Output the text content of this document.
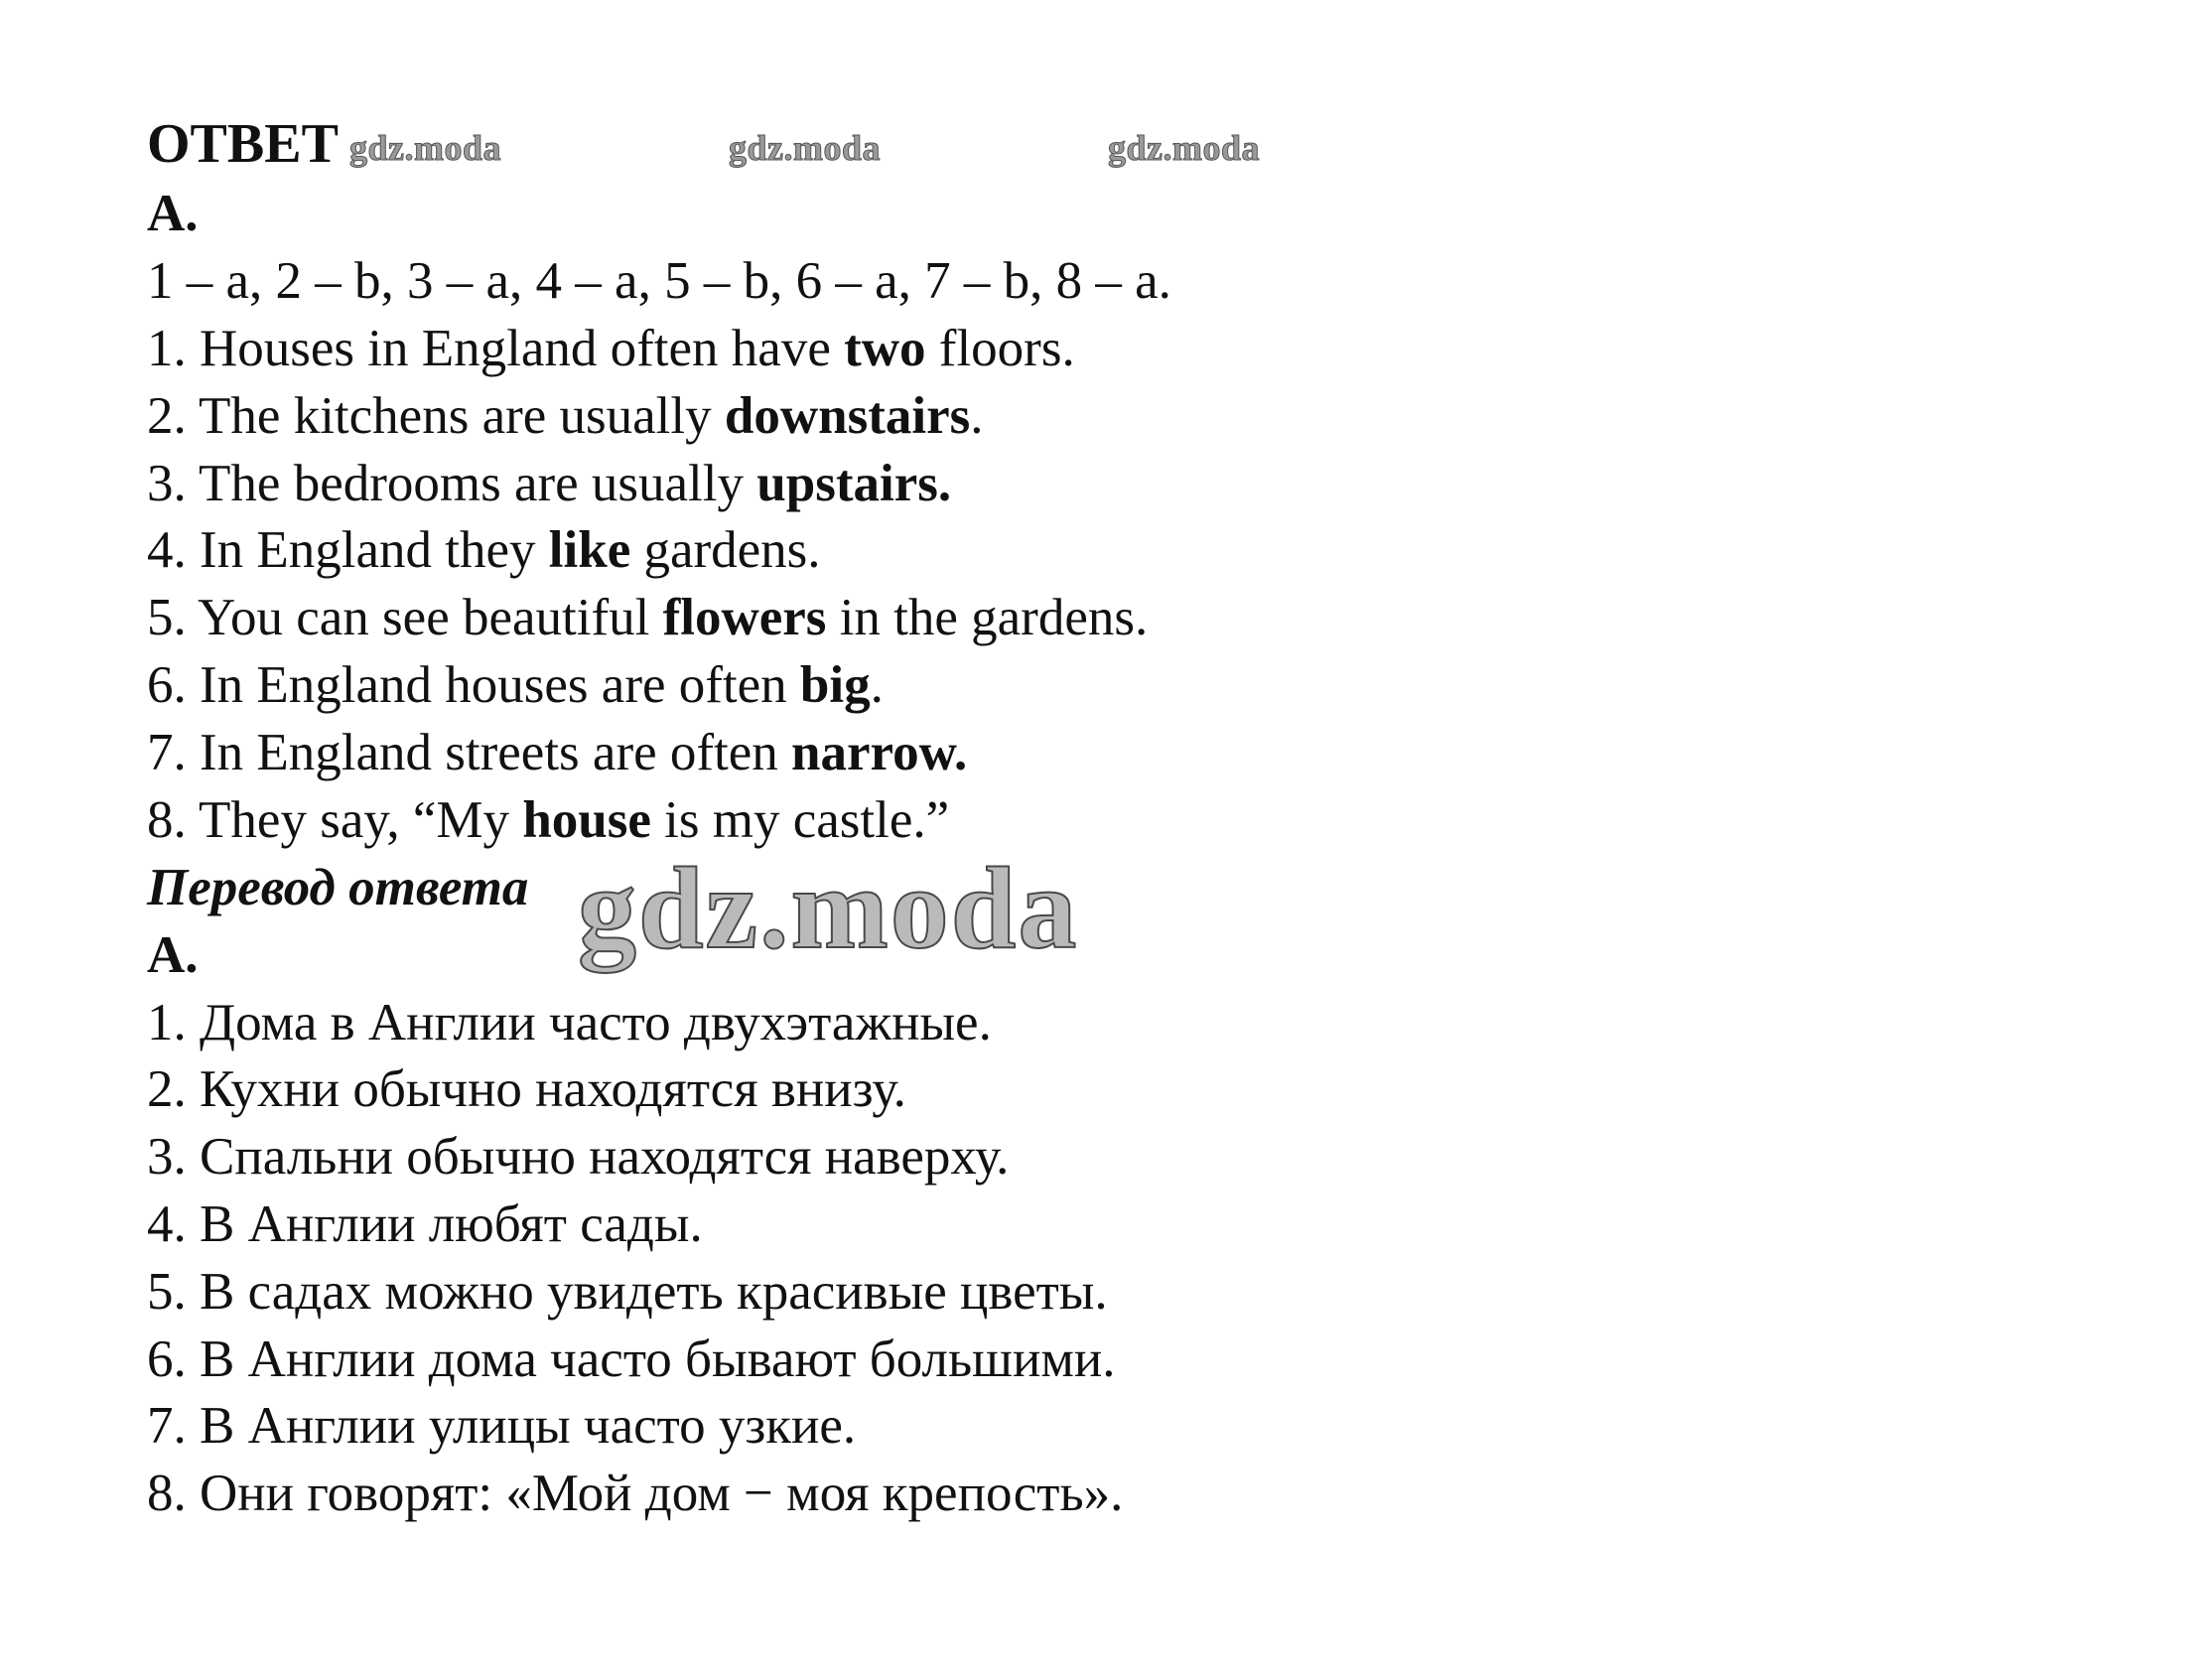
ОТВЕТ gdz.moda	gdz.moda	gdz.moda
A.
1 – a, 2 – b, 3 – a, 4 – a, 5 – b, 6 – a, 7 – b, 8 – a.
1. Houses in England often have two floors.
2. The kitchens are usually downstairs.
3. The bedrooms are usually upstairs.
4. In England they like gardens.
5. You can see beautiful flowers in the gardens.
6. In England houses are often big.
7. In England streets are often narrow.
8. They say, “My house is my castle.”
Перевод ответа gdz.moda
A.
1. Дома в Англии часто двухэтажные.
2. Кухни обычно находятся внизу.
3. Спальни обычно находятся наверху.
4. В Англии любят сады.
5. В садах можно увидеть красивые цветы.
6. В Англии дома часто бывают большими.
7. В Англии улицы часто узкие.
8. Они говорят: «Мой дом − моя крепость».
